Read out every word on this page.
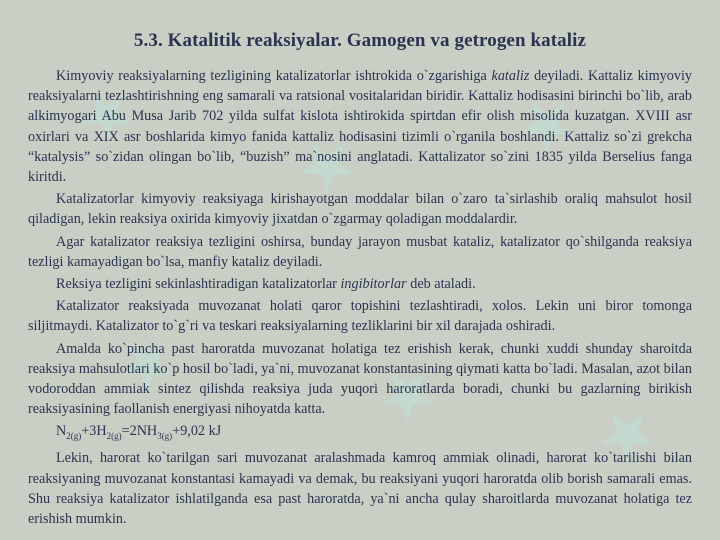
★
★ ★
★	★ ★
5.3. Katalitik reaksiyalar. Gamogen va getrogen kataliz

Kimyoviy reaksiyalarning tezligining katalizatorlar ishtrokida o`zgarishiga kataliz deyiladi. Kattaliz kimyoviy reaksiyalarni tezlashtirishning eng samarali va ratsional vositalaridan biridir. Kattaliz hodisasini birinchi bo`lib, arab alkimyogari Abu Musa Jarib 702 yilda sulfat kislota ishtirokida spirtdan efir olish misolida kuzatgan. XVIII asr oxirlari va XIX asr boshlarida kimyo fanida kattaliz hodisasini tizimli o`rganila boshlandi. Kattaliz so`zi grekcha “katalysis” so`zidan olingan bo`lib, “buzish” ma`nosini anglatadi. Kattalizator so`zini 1835 yilda Berselius fanga kiritdi.

Katalizatorlar kimyoviy reaksiyaga kirishayotgan moddalar bilan o`zaro ta`sirlashib oraliq mahsulot hosil qiladigan, lekin reaksiya oxirida kimyoviy jixatdan o`zgarmay qoladigan moddalardir.

Agar katalizator reaksiya tezligini oshirsa, bunday jarayon musbat kataliz, katalizator qo`shilganda reaksiya tezligi kamayadigan bo`lsa, manfiy kataliz deyiladi.

Reksiya tezligini sekinlashtiradigan katalizatorlar ingibitorlar deb ataladi.

Katalizator reaksiyada muvozanat holati qaror topishini tezlashtiradi, xolos. Lekin uni biror tomonga siljitmaydi. Katalizator to`g`ri va teskari reaksiyalarning tezliklarini bir xil darajada oshiradi.

Amalda ko`pincha past haroratda muvozanat holatiga tez erishish kerak, chunki xuddi shunday sharoitda reaksiya mahsulotlari ko`p hosil bo`ladi, ya`ni, muvozanat konstantasining qiymati katta bo`ladi. Masalan, azot bilan vodoroddan ammiak sintez qilishda reaksiya juda yuqori haroratlarda boradi, chunki bu gazlarning birikish reaksiyasining faollanish energiyasi nihoyatda katta.

$N_{2(g)}+3H_{2(g)}=2NH_{3(g)}+9,02$ kJ

Lekin, harorat ko`tarilgan sari muvozanat aralashmada kamroq ammiak olinadi, harorat ko`tarilishi bilan reaksiyaning muvozanat konstantasi kamayadi va demak, bu reaksiyani yuqori haroratda olib borish samarali emas. Shu reaksiya katalizator ishlatilganda esa past haroratda, ya`ni ancha qulay sharoitlarda muvozanat holatiga tez erishish mumkin.
